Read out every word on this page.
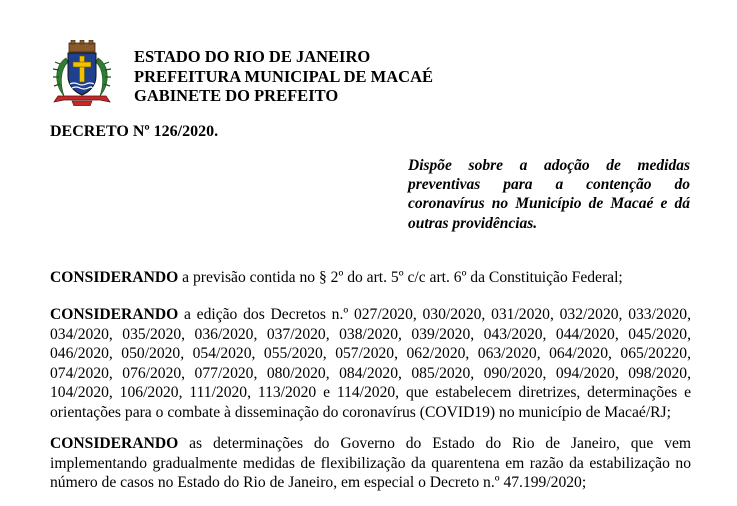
ESTADO DO RIO DE JANEIRO
PREFEITURA MUNICIPAL DE MACAÉ
GABINETE DO PREFEITO
DECRETO Nº 126/2020.
Dispõe sobre a adoção de medidas preventivas para a contenção do coronavírus no Município de Macaé e dá outras providências.
CONSIDERANDO a previsão contida no § 2º do art. 5º c/c art. 6º da Constituição Federal;
CONSIDERANDO a edição dos Decretos n.º 027/2020, 030/2020, 031/2020, 032/2020, 033/2020, 034/2020, 035/2020, 036/2020, 037/2020, 038/2020, 039/2020, 043/2020, 044/2020, 045/2020, 046/2020, 050/2020, 054/2020, 055/2020, 057/2020, 062/2020, 063/2020, 064/2020, 065/20220, 074/2020, 076/2020, 077/2020, 080/2020, 084/2020, 085/2020, 090/2020, 094/2020, 098/2020, 104/2020, 106/2020, 111/2020, 113/2020 e 114/2020, que estabelecem diretrizes, determinações e orientações para o combate à disseminação do coronavírus (COVID19) no município de Macaé/RJ;
CONSIDERANDO as determinações do Governo do Estado do Rio de Janeiro, que vem implementando gradualmente medidas de flexibilização da quarentena em razão da estabilização no número de casos no Estado do Rio de Janeiro, em especial o Decreto n.º 47.199/2020;
